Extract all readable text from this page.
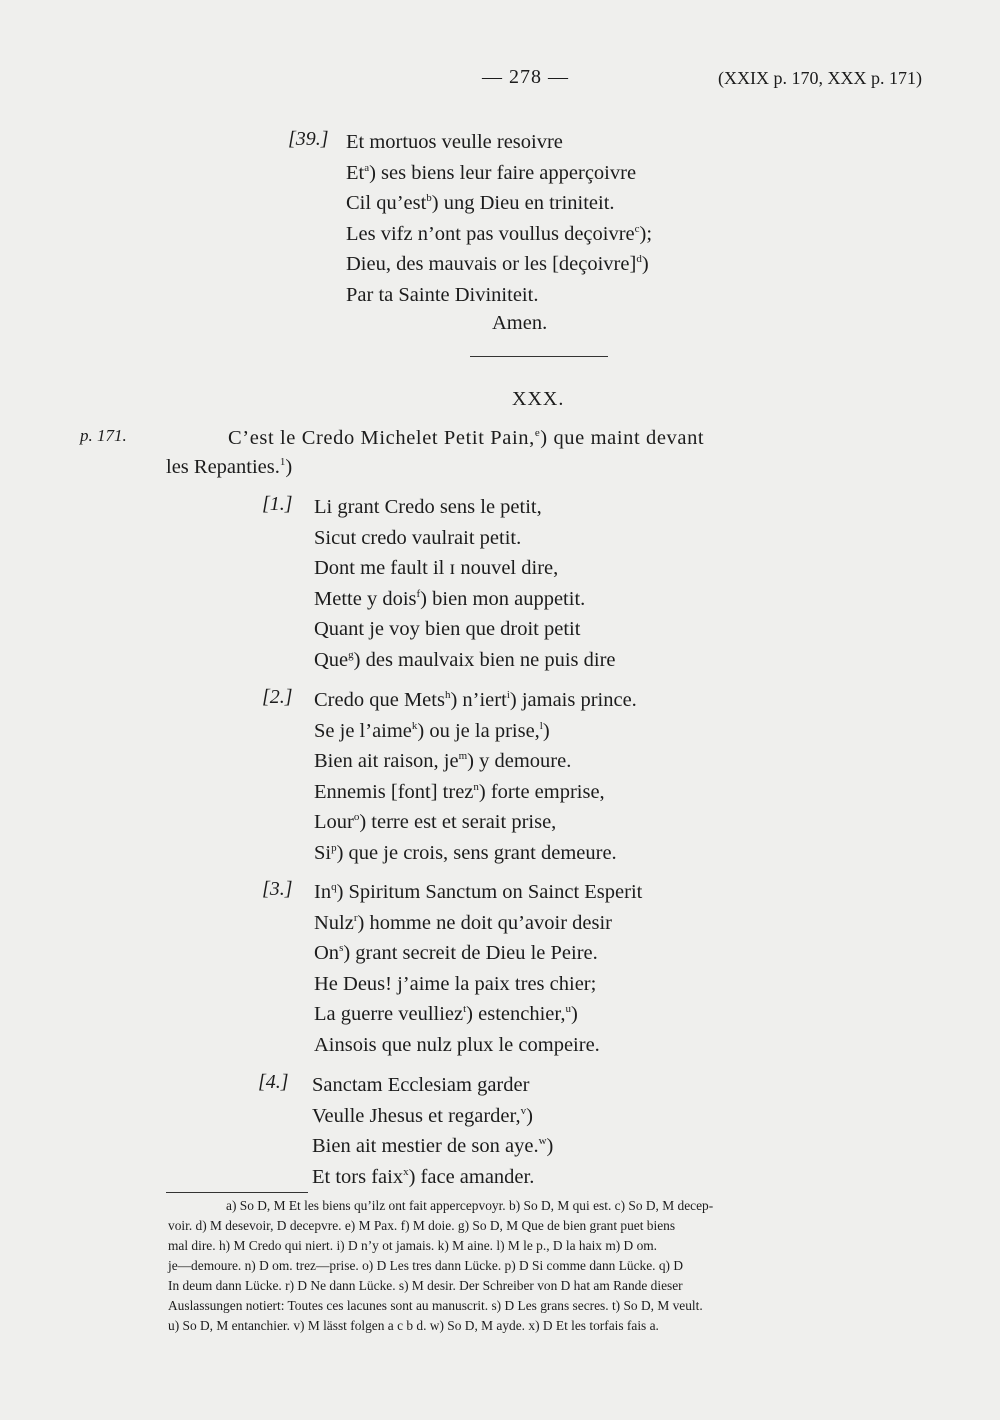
— 278 —	(XXIX p. 170, XXX p. 171)
[39.] Et mortuos veulle resoivre
Et$^a$) ses biens leur faire apperçoivre
Cil qu’est$^b$) ung Dieu en triniteit.
Les vifz n’ont pas voullus deçoivre$^c$);
Dieu, des mauvais or les [deçoivre]$^d$)
Par ta Sainte Diviniteit.
Amen.
XXX.
p. 171.	C’est le Credo Michelet Petit Pain,$^e$) que maint devant
les Repanties.$^1$)
[1.] Li grant Credo sens le petit,
Sicut credo vaulrait petit.
Dont me fault il ɪ nouvel dire,
Mette y dois$^f$) bien mon auppetit.
Quant je voy bien que droit petit
Que$^g$) des maulvaix bien ne puis dire
[2.] Credo que Mets$^h$) n’iert$^i$) jamais prince.
Se je l’aime$^k$) ou je la prise,$^l$)
Bien ait raison, $je^m$) y demoure.
Ennemis [font] trez$^n$) forte emprise,
Lour$^o$) terre est et serait prise,
Si$^p$) que je crois, sens grant demeure.
[3.] In$^q$) Spiritum Sanctum on Sainct Esperit
Nulz$^r$) homme ne doit qu’avoir desir
On$^s$) grant secreit de Dieu le Peire.
He Deus! j’aime la paix tres chier;
La guerre veulliez$^t$) estenchier,$^u$)
Ainsois que nulz plux le compeire.
[4.] Sanctam Ecclesiam garder
Veulle Jhesus et regarder,$^v$)
Bien ait mestier de son aye.$^w$)
Et tors faix$^x$) face amander.
a) So D, M Et les biens qu’ilz ont fait apperceрvoyr. b) So D, M qui est. c) So D, M decep-
voir. d) M desevoir, D decepvre. e) M Pax. f) M doie. g) So D, M Que de bien grant puet biens
mal dire. h) M Credo qui niert. i) D n’y ot jamais. k) M aine. l) M le p., D la haix m) D om.
je—demoure. n) D om. trez—prise. o) D Les tres dann Lücke. p) D Si comme dann Lücke. q) D
In deum dann Lücke. r) D Ne dann Lücke. s) M desir. Der Schreiber von D hat am Rande dieser
Auslassungen notiert: Toutes ces lacunes sont au manuscrit. s) D Les grans secres. t) So D, M veult.
u) So D, M entanchier. v) M lässt folgen a c b d. w) So D, M ayde. x) D Et les torfais fais a.
